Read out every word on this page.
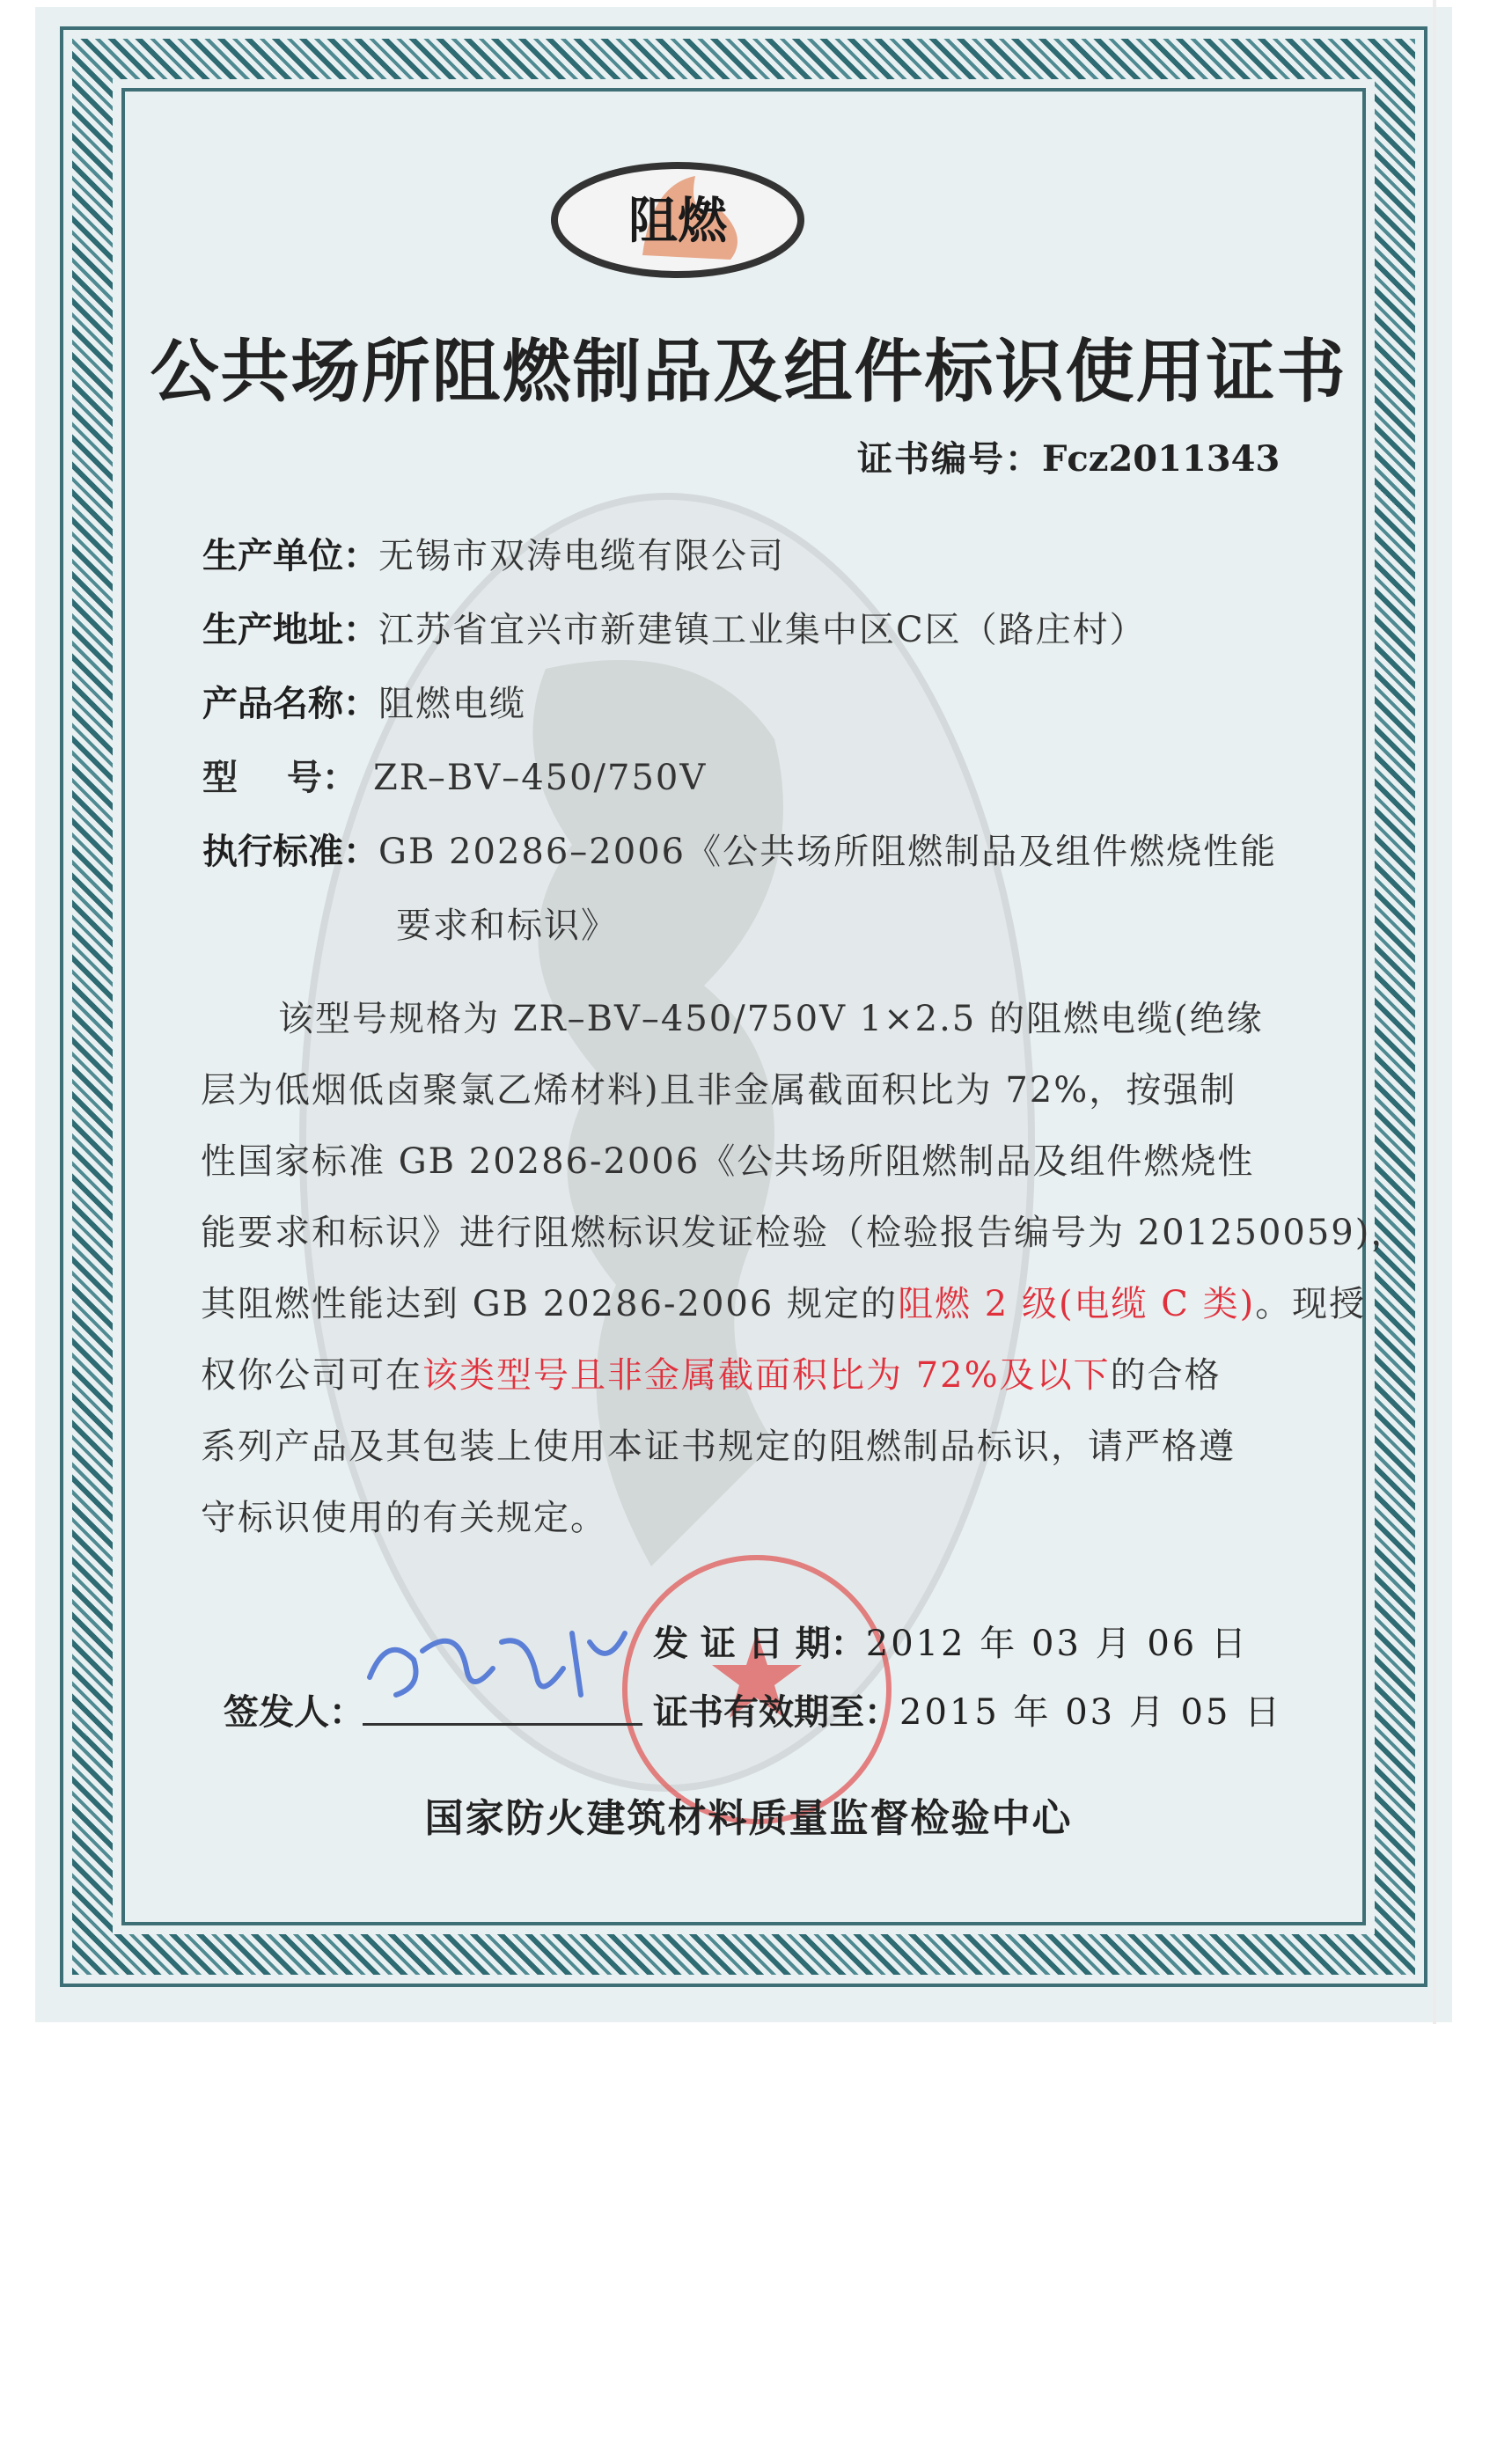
阻燃
公共场所阻燃制品及组件标识使用证书
证书编号：Fcz2011343
生产单位：无锡市双涛电缆有限公司
生产地址：江苏省宜兴市新建镇工业集中区C区（路庄村）
产品名称：阻燃电缆
型 号： ZR–BV–450/750V
执行标准：GB 20286–2006《公共场所阻燃制品及组件燃烧性能
要求和标识》
该型号规格为 ZR–BV–450/750V 1×2.5 的阻燃电缆(绝缘
层为低烟低卤聚氯乙烯材料)且非金属截面积比为 72%，按强制
性国家标准 GB 20286-2006《公共场所阻燃制品及组件燃烧性
能要求和标识》进行阻燃标识发证检验（检验报告编号为 201250059)，
其阻燃性能达到 GB 20286-2006 规定的阻燃 2 级(电缆 C 类)。现授
权你公司可在该类型号且非金属截面积比为 72%及以下的合格
系列产品及其包装上使用本证书规定的阻燃制品标识，请严格遵
守标识使用的有关规定。
发 证 日 期：2012 年 03 月 06 日
证书有效期至：2015 年 03 月 05 日
签发人：
国家防火建筑材料质量监督检验中心
